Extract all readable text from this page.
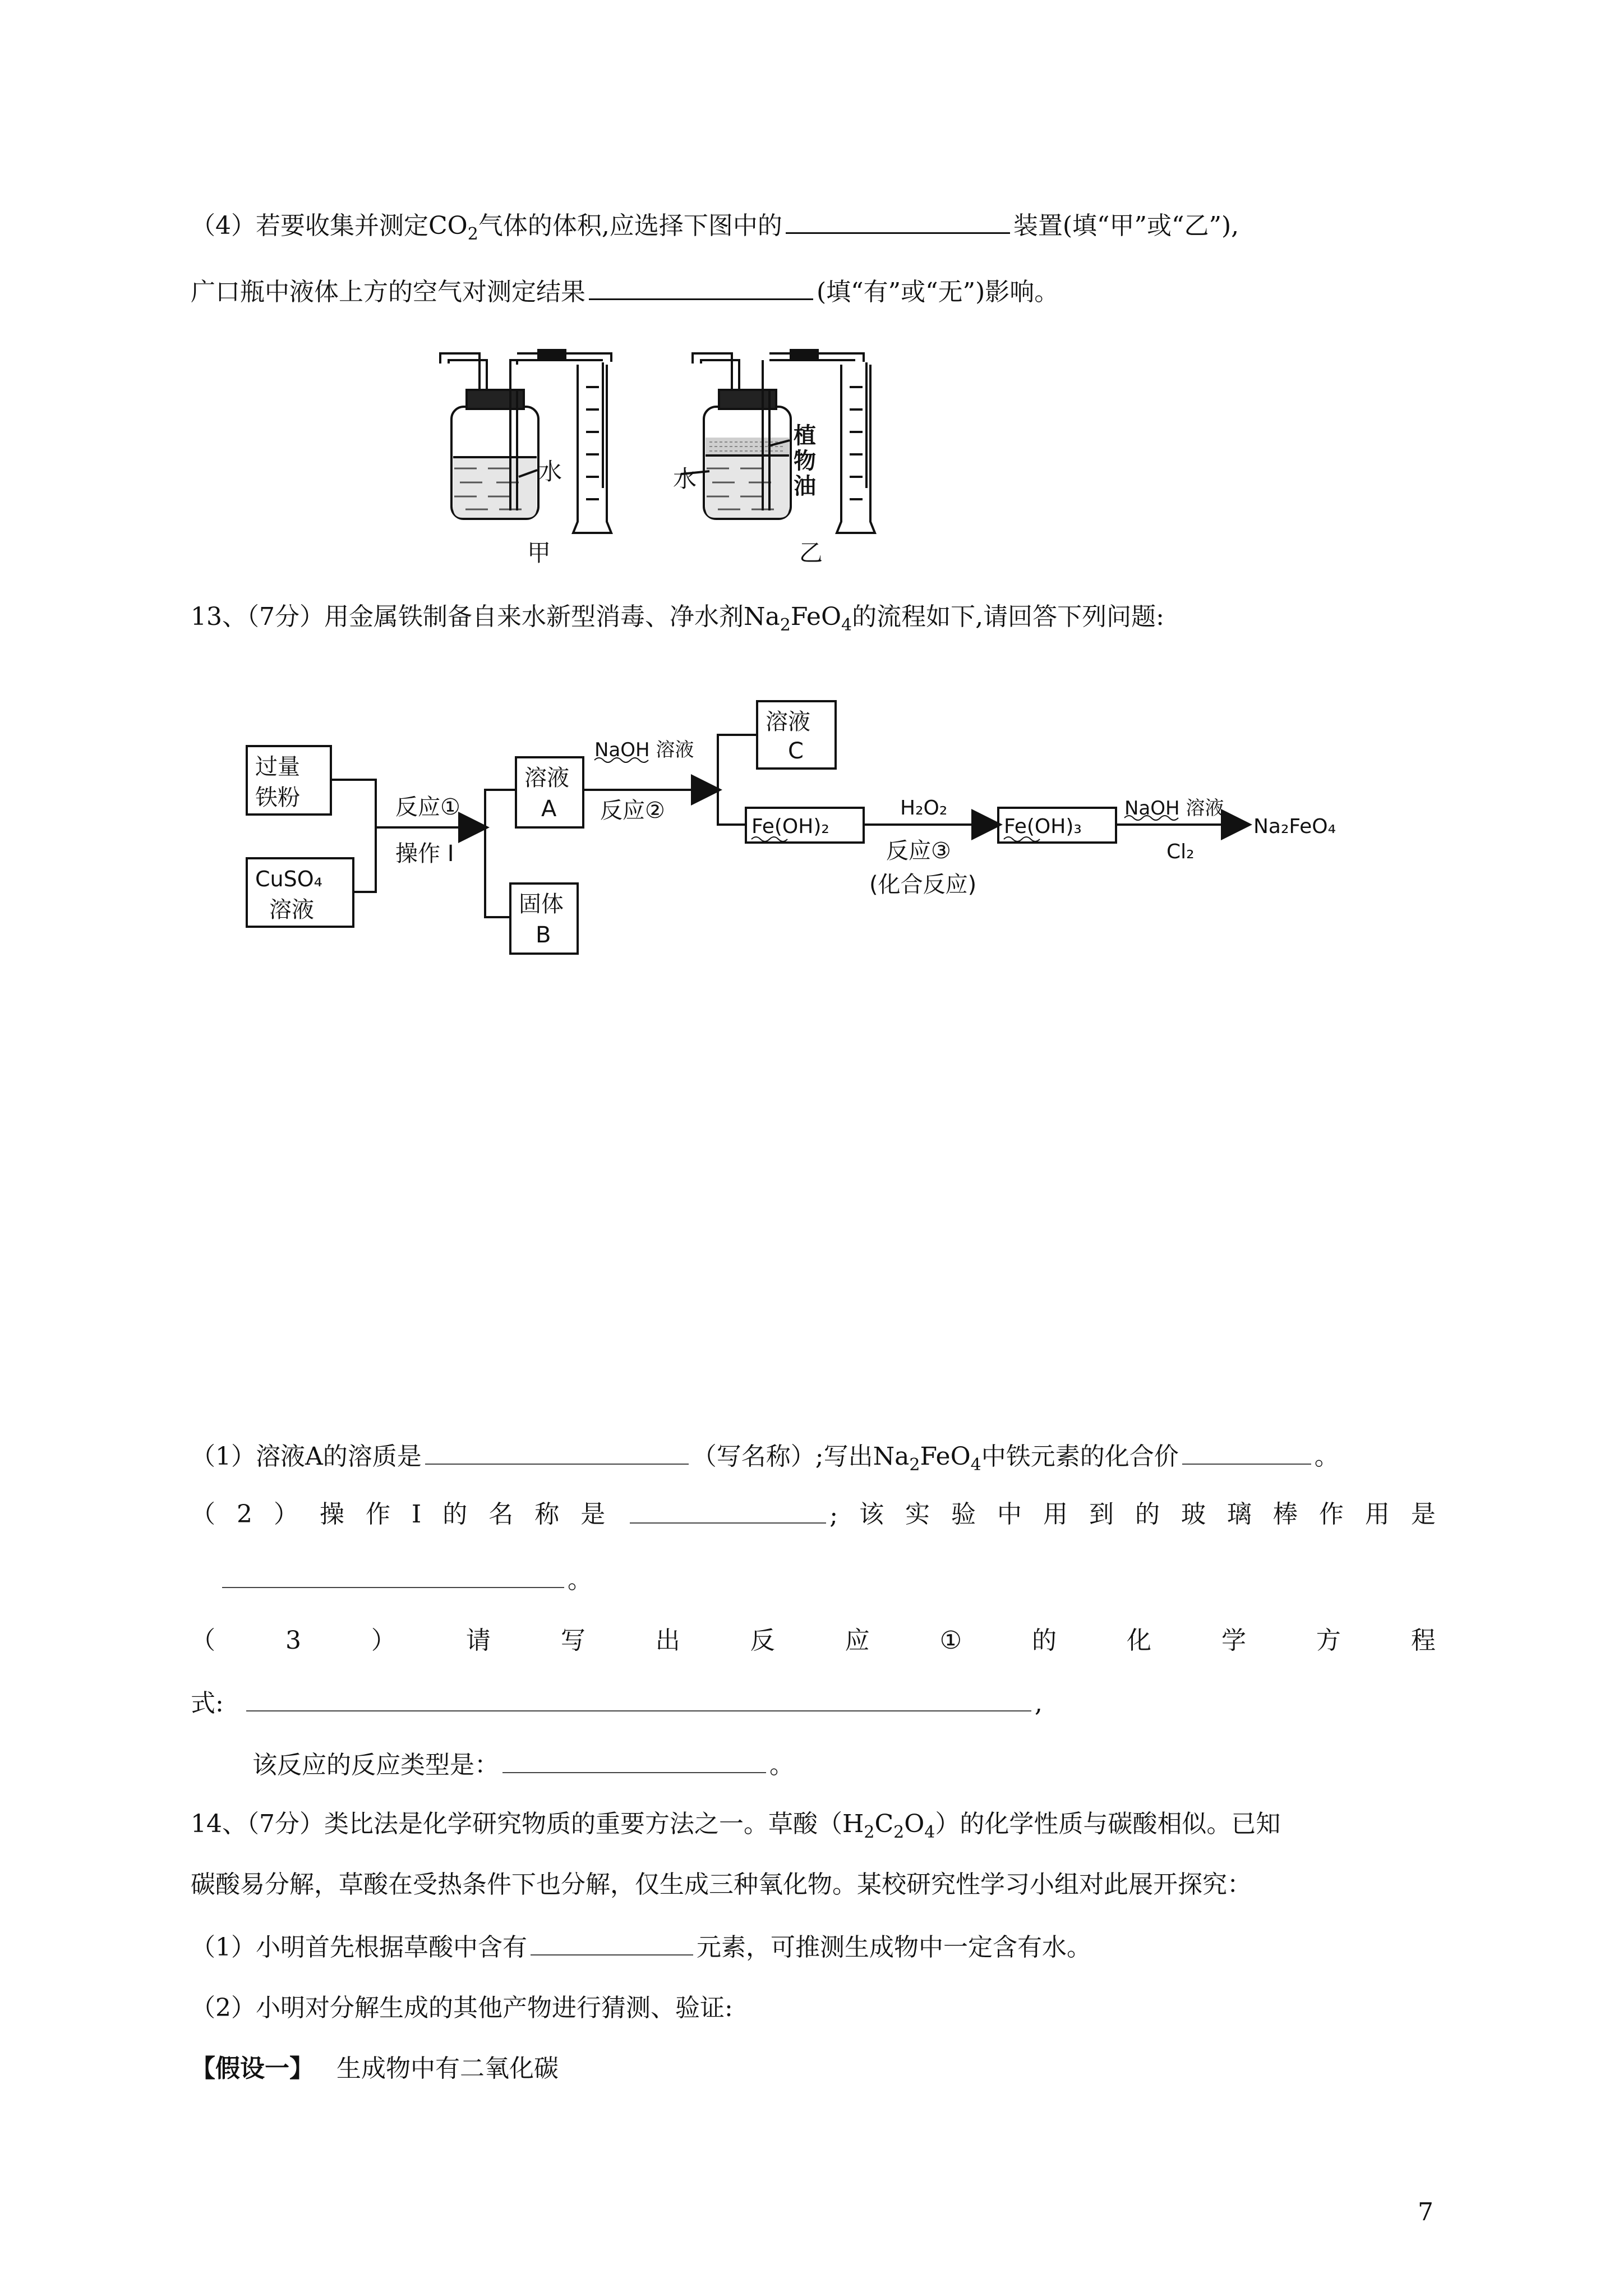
（4）若要收集并测定$CO_2$气体的体积,应选择下图中的	装置(填“甲”或“乙”),
广口瓶中液体上方的空气对测定结果	(填“有”或“无”)影响。
水
甲
水
植
物
油
乙
13、（7分）用金属铁制备自来水新型消毒、净水剂$Na_2FeO_4$的流程如下,请回答下列问题:
过量
铁粉
CuSO₄
溶液
反应①
操作 I
溶液
A
固体
B
NaOH 溶液
反应②
溶液
C
Fe(OH)₂
H₂O₂
反应③
(化合反应)
Fe(OH)₃
NaOH 溶液
Cl₂
Na₂FeO₄
（1）溶液A的溶质是	（写名称）;写出$Na_2FeO_4$中铁元素的化合价	。
（ 2 ） 操 作 I 的 名 称 是	; 该 实 验 中 用 到 的 玻 璃 棒 作 用 是
。
（	3	）	请	写	出	反	应	①	的	化	学	方	程
式:	,
该反应的反应类型是：	。
14、（7分）类比法是化学研究物质的重要方法之一。草酸$(H_2C_2O_4)$的化学性质与碳酸相似。已知
碳酸易分解，草酸在受热条件下也分解，仅生成三种氧化物。某校研究性学习小组对此展开探究：
（1）小明首先根据草酸中含有	元素，可推测生成物中一定含有水。
（2）小明对分解生成的其他产物进行猜测、验证:
【假设一】 生成物中有二氧化碳
7
